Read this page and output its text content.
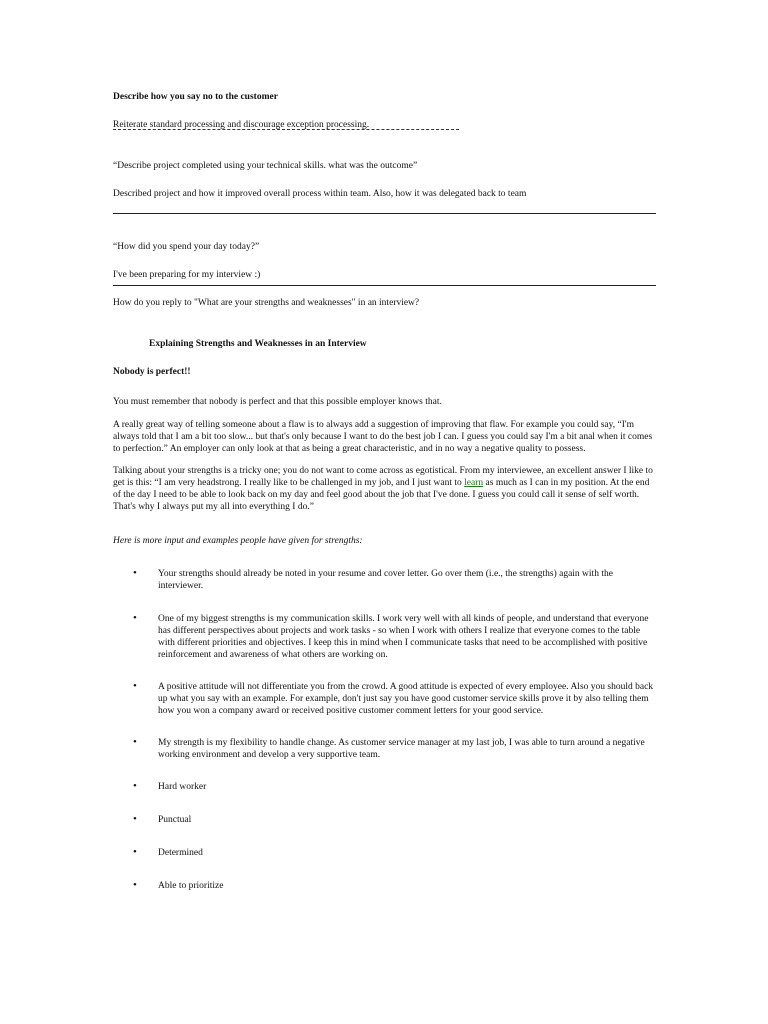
Describe how you say no to the customer
Reiterate standard processing and discourage exception processing.
“Describe project completed using your technical skills. what was the outcome”
Described project and how it improved overall process within team. Also, how it was delegated back to team
“How did you spend your day today?”
I've been preparing for my interview :)
How do you reply to "What are your strengths and weaknesses" in an interview?
Explaining Strengths and Weaknesses in an Interview
Nobody is perfect!!
You must remember that nobody is perfect and that this possible employer knows that.
A really great way of telling someone about a flaw is to always add a suggestion of improving that flaw. For example you could say, “I'm always told that I am a bit too slow... but that's only because I want to do the best job I can. I guess you could say I'm a bit anal when it comes to perfection.” An employer can only look at that as being a great characteristic, and in no way a negative quality to possess.
Talking about your strengths is a tricky one; you do not want to come across as egotistical. From my interviewee, an excellent answer I like to get is this: “I am very headstrong. I really like to be challenged in my job, and I just want to learn as much as I can in my position. At the end of the day I need to be able to look back on my day and feel good about the job that I've done. I guess you could call it sense of self worth. That's why I always put my all into everything I do.”
Here is more input and examples people have given for strengths:
• Your strengths should already be noted in your resume and cover letter. Go over them (i.e., the strengths) again with the interviewer.
• One of my biggest strengths is my communication skills. I work very well with all kinds of people, and understand that everyone has different perspectives about projects and work tasks - so when I work with others I realize that everyone comes to the table with different priorities and objectives. I keep this in mind when I communicate tasks that need to be accomplished with positive reinforcement and awareness of what others are working on.
• A positive attitude will not differentiate you from the crowd. A good attitude is expected of every employee. Also you should back up what you say with an example. For example, don't just say you have good customer service skills prove it by also telling them how you won a company award or received positive customer comment letters for your good service.
• My strength is my flexibility to handle change. As customer service manager at my last job, I was able to turn around a negative working environment and develop a very supportive team.
• Hard worker
• Punctual
• Determined
• Able to prioritize
